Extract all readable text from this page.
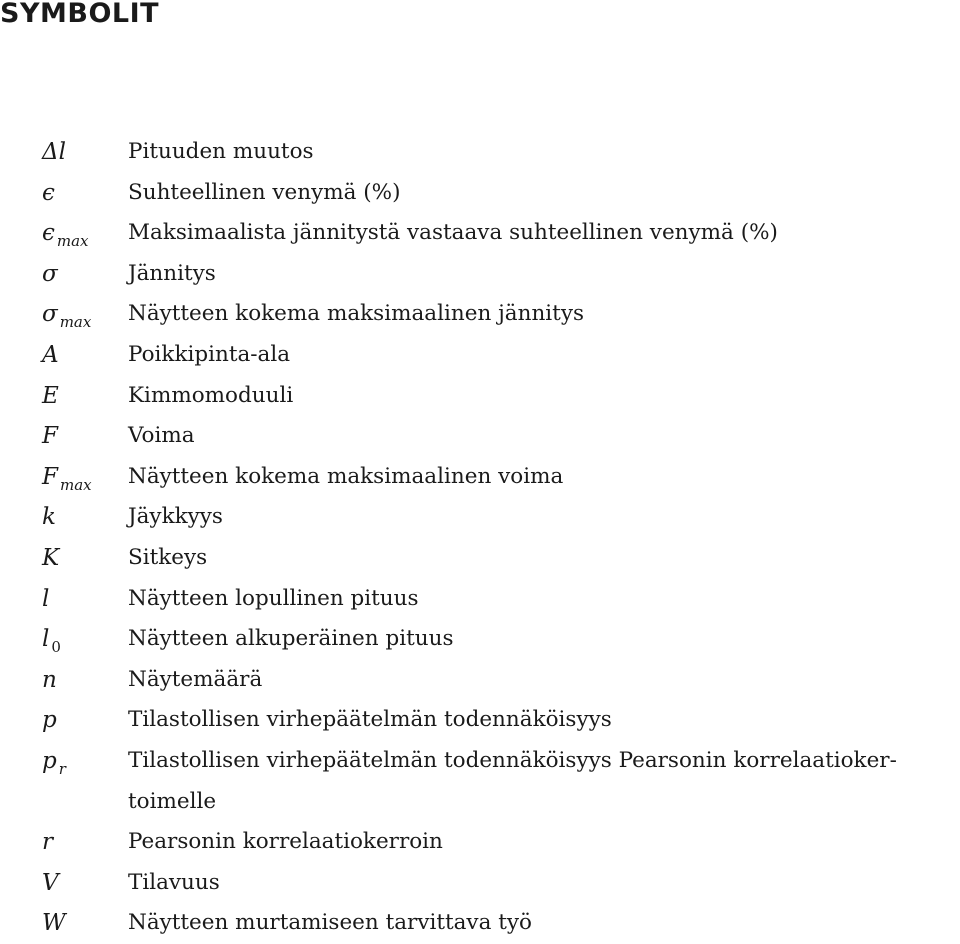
SYMBOLIT
Δl	Pituuden muutos
ϵ	Suhteellinen venymä (%)
ϵ $_{max}$ Maksimaalista jännitystä vastaava suhteellinen venymä (%)
σ	Jännitys
σ $_{max}$ Näytteen kokema maksimaalinen jännitys
A	Poikkipinta-ala
E	Kimmomoduuli
F	Voima
F $_{max}$ Näytteen kokema maksimaalinen voima
k	Jäykkyys
K	Sitkeys
l	Näytteen lopullinen pituus
l $_0$	Näytteen alkuperäinen pituus
n	Näytemäärä
p	Tilastollisen virhepäätelmän todennäköisyys
p $_r$	Tilastollisen virhepäätelmän todennäköisyys Pearsonin korrelaatioker-
toimelle
r	Pearsonin korrelaatiokerroin
V	Tilavuus
W	Näytteen murtamiseen tarvittava työ
